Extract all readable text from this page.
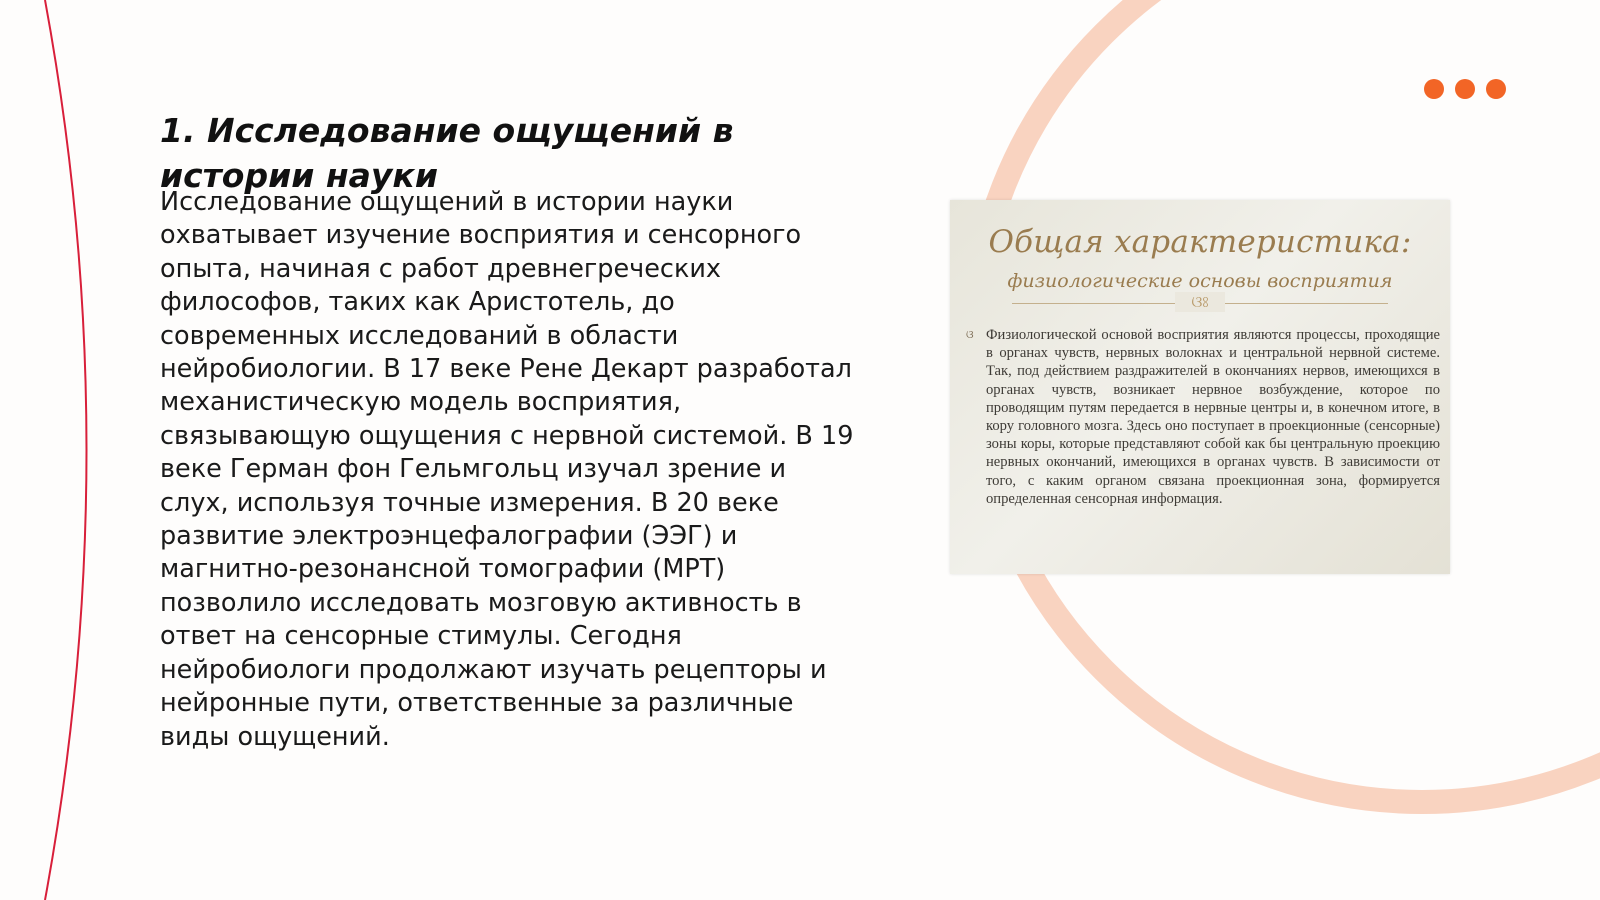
1. Исследование ощущений в истории науки

Исследование ощущений в истории науки охватывает изучение восприятия и сенсорного опыта, начиная с работ древнегреческих философов, таких как Аристотель, до современных исследований в области нейробиологии. В 17 веке Рене Декарт разработал механистическую модель восприятия, связывающую ощущения с нервной системой. В 19 веке Герман фон Гельмгольц изучал зрение и слух, используя точные измерения. В 20 веке развитие электроэнцефалографии (ЭЭГ) и магнитно-резонансной томографии (МРТ) позволило исследовать мозговую активность в ответ на сенсорные стимулы. Сегодня нейробиологи продолжают изучать рецепторы и нейронные пути, ответственные за различные виды ощущений.

Общая характеристика:
физиологические основы восприятия
ଓଃ
ଓ Физиологической основой восприятия являются процессы, проходящие в органах чувств, нервных волокнах и центральной нервной системе. Так, под действием раздражителей в окончаниях нервов, имеющихся в органах чувств, возникает нервное возбуждение, которое по проводящим путям передается в нервные центры и, в конечном итоге, в кору головного мозга. Здесь оно поступает в проекционные (сенсорные) зоны коры, которые представляют собой как бы центральную проекцию нервных окончаний, имеющихся в органах чувств. В зависимости от того, с каким органом связана проекционная зона, формируется определенная сенсорная информация.
